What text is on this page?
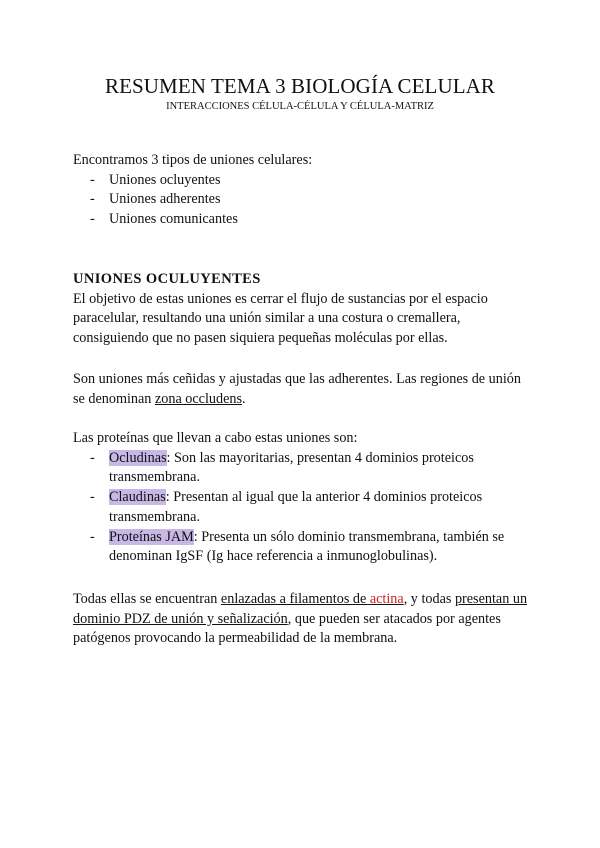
RESUMEN TEMA 3 BIOLOGÍA CELULAR
INTERACCIONES CÉLULA-CÉLULA Y CÉLULA-MATRIZ

Encontramos 3 tipos de uniones celulares:

- Uniones ocluyentes
- Uniones adherentes
- Uniones comunicantes
UNIONES OCULUYENTES

El objetivo de estas uniones es cerrar el flujo de sustancias por el espacio paracelular, resultando una unión similar a una costura o cremallera, consiguiendo que no pasen siquiera pequeñas moléculas por ellas.

Son uniones más ceñidas y ajustadas que las adherentes. Las regiones de unión se denominan zona occludens.

Las proteínas que llevan a cabo estas uniones son:

- Ocludinas: Son las mayoritarias, presentan 4 dominios proteicos transmembrana.
- Claudinas: Presentan al igual que la anterior 4 dominios proteicos transmembrana.
- Proteínas JAM: Presenta un sólo dominio transmembrana, también se denominan IgSF (Ig hace referencia a inmunoglobulinas).

Todas ellas se encuentran enlazadas a filamentos de actina, y todas presentan un dominio PDZ de unión y señalización, que pueden ser atacados por agentes patógenos provocando la permeabilidad de la membrana.
